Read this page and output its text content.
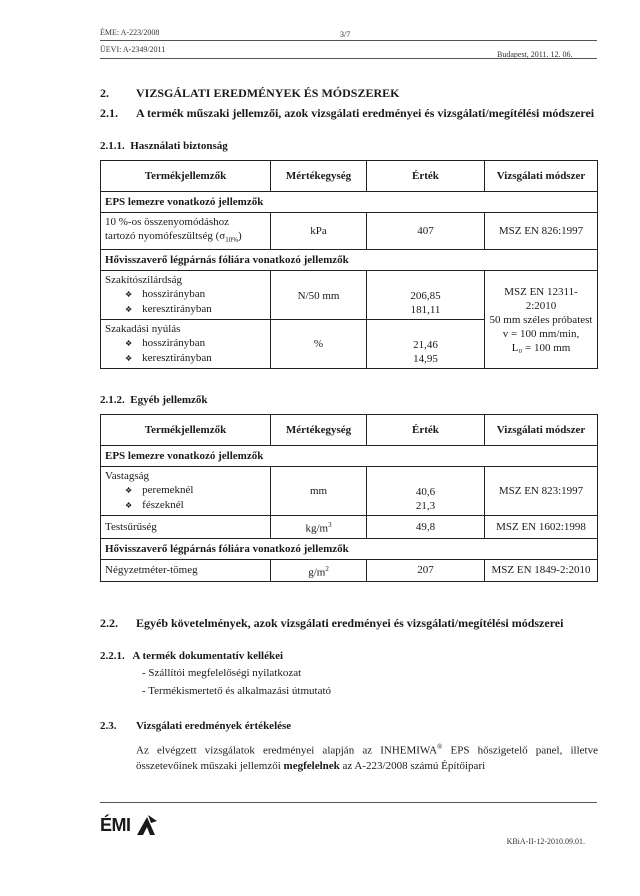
ÉME: A-223/2008	3/7
ÜEVI: A-2349/2011
Budapest, 2011. 12. 06.
2. VIZSGÁLATI EREDMÉNYEK ÉS MÓDSZEREK
2.1. A termék műszaki jellemzői, azok vizsgálati eredményei és vizsgálati/megítélési módszerei
2.1.1. Használati biztonság
Termékjellemzők	Mértékegység	Érték	Vizsgálati módszer
EPS lemezre vonatkozó jellemzők			
10 %-os összenyomódáshoz
tartozó nyomófeszültség $(\sigma_{10\%})$	kPa	407	MSZ EN 826:1997
Hővisszaverő légpárnás fóliára vonatkozó jellemzők			
Szakítószilárdság

❖ hosszirányban
❖ keresztirányban	N/50 mm	206,85
181,11	MSZ EN 12311-2:2010
50 mm széles próbatest
v = 100 mm/min,
L₀ = 100 mm
Szakadási nyúlás

❖ hosszirányban
❖ keresztirányban	%	21,46
14,95	
2.1.2. Egyéb jellemzők
Termékjellemzők	Mértékegység	Érték	Vizsgálati módszer
EPS lemezre vonatkozó jellemzők			
Vastagság

❖ peremeknél
❖ fészeknél	mm	40,6
21,3	MSZ EN 823:1997
Testsűrűség	$kg/m^3$	49,8	MSZ EN 1602:1998
Hővisszaverő légpárnás fóliára vonatkozó jellemzők			
Négyzetméter-tömeg	$g/m^2$	207	MSZ EN 1849-2:2010
2.2. Egyéb követelmények, azok vizsgálati eredményei és vizsgálati/megítélési módszerei
2.2.1. A termék dokumentatív kellékei
- Szállítói megfelelőségi nyilatkozat
- Termékismertető és alkalmazási útmutató
2.3. Vizsgálati eredmények értékelése
Az elvégzett vizsgálatok eredményei alapján az INHEMIWA® EPS hőszigetelő panel, illetve összetevőinek műszaki jellemzői megfelelnek az A-223/2008 számú Építőipari
ÉMI
KBiA-II-12-2010.09.01.
